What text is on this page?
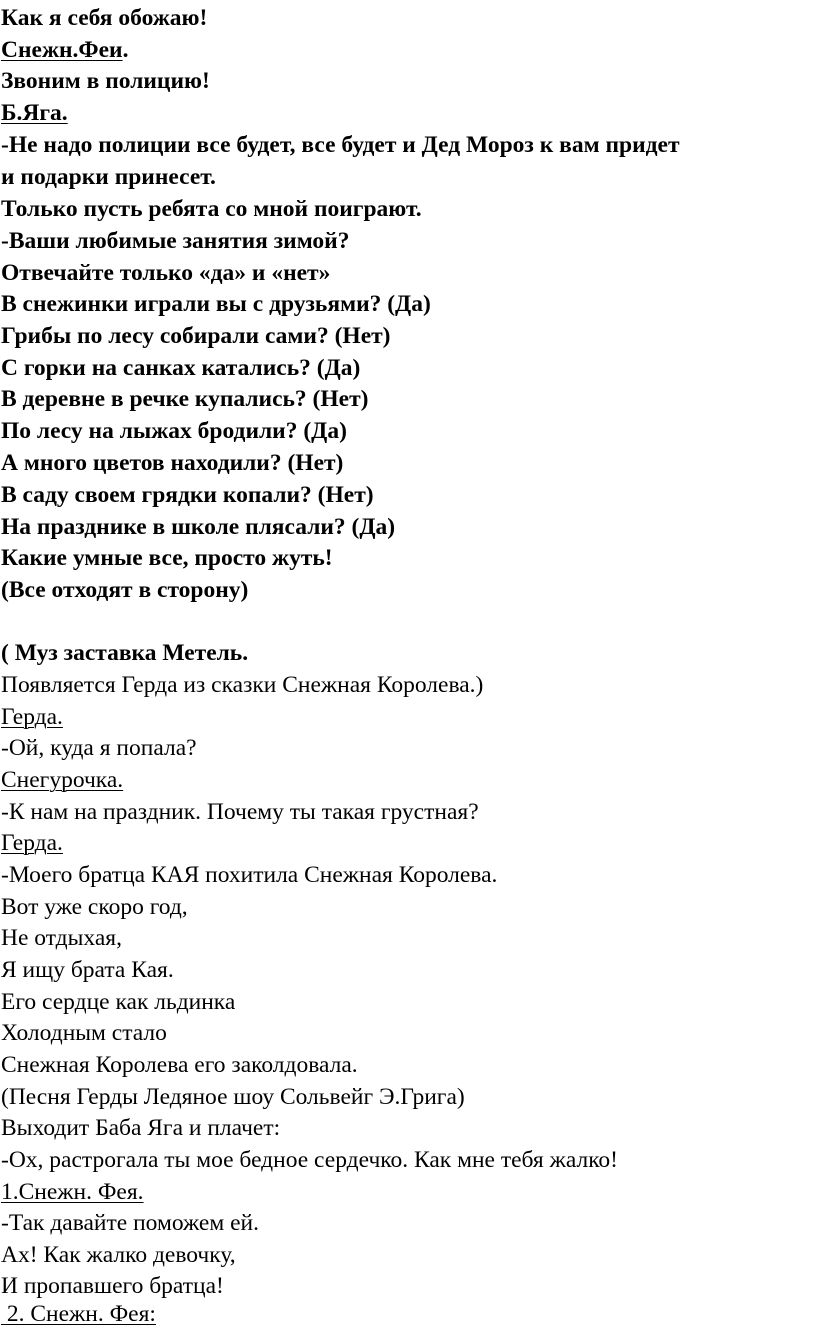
Как я себя обожаю!
Снежн.Феи.
Звоним в полицию!
Б.Яга.
-Не надо полиции все будет, все будет и Дед Мороз к вам придет
и подарки принесет.
Только пусть ребята со мной поиграют.
-Ваши любимые занятия зимой?
Отвечайте только «да» и «нет»
В снежинки играли вы с друзьями? (Да)
Грибы по лесу собирали сами? (Нет)
С горки на санках катались? (Да)
В деревне в речке купались? (Нет)
По лесу на лыжах бродили? (Да)
А много цветов находили? (Нет)
В саду своем грядки копали? (Нет)
На празднике в школе плясали? (Да)
Какие умные все, просто жуть!
(Все отходят в сторону)
( Муз заставка Метель.
Появляется Герда из сказки Снежная Королева.)
Герда.
-Ой, куда я попала?
Снегурочка.
-К нам на праздник. Почему ты такая грустная?
Герда.
-Моего братца КАЯ похитила Снежная Королева.
Вот уже скоро год,
Не отдыхая,
Я ищу брата Кая.
Его сердце как льдинка
Холодным стало
Снежная Королева его заколдовала.
(Песня Герды Ледяное шоу Сольвейг Э.Грига)
Выходит Баба Яга и плачет:
-Ох, растрогала ты мое бедное сердечко. Как мне тебя жалко!
1.Снежн. Фея.
-Так давайте поможем ей.
Ах! Как жалко девочку,
И пропавшего братца!
2. Снежн. Фея:
